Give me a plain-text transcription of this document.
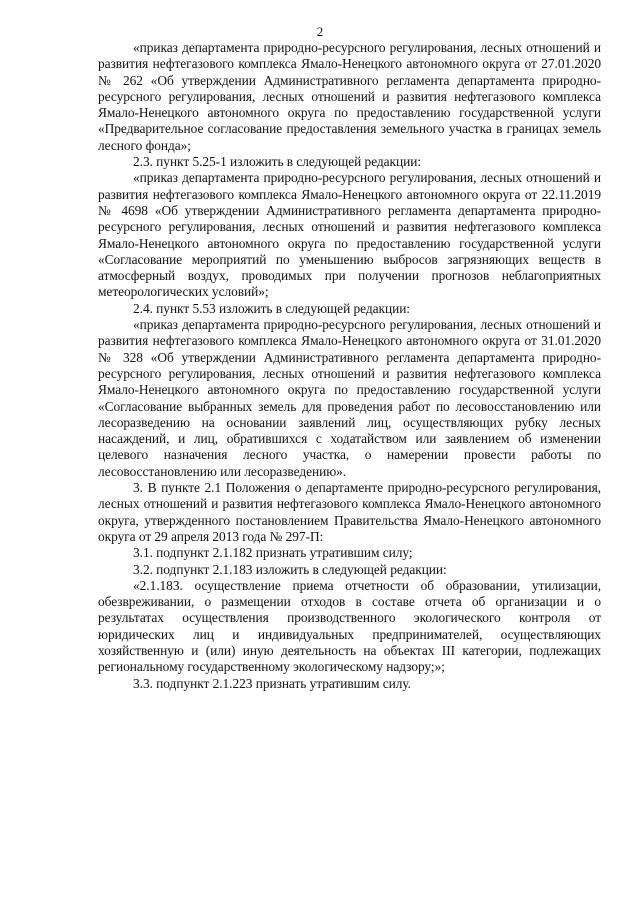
2

«приказ департамента природно-ресурсного регулирования, лесных отношений и развития нефтегазового комплекса Ямало-Ненецкого автономного округа от 27.01.2020 № 262 «Об утверждении Административного регламента департамента природно-ресурсного регулирования, лесных отношений и развития нефтегазового комплекса Ямало-Ненецкого автономного округа по предоставлению государственной услуги «Предварительное согласование предоставления земельного участка в границах земель лесного фонда»;

2.3. пункт 5.25-1 изложить в следующей редакции:

«приказ департамента природно-ресурсного регулирования, лесных отношений и развития нефтегазового комплекса Ямало-Ненецкого автономного округа от 22.11.2019 № 4698 «Об утверждении Административного регламента департамента природно-ресурсного регулирования, лесных отношений и развития нефтегазового комплекса Ямало-Ненецкого автономного округа по предоставлению государственной услуги «Согласование мероприятий по уменьшению выбросов загрязняющих веществ в атмосферный воздух, проводимых при получении прогнозов неблагоприятных метеорологических условий»;

2.4. пункт 5.53 изложить в следующей редакции:

«приказ департамента природно-ресурсного регулирования, лесных отношений и развития нефтегазового комплекса Ямало-Ненецкого автономного округа от 31.01.2020 № 328 «Об утверждении Административного регламента департамента природно-ресурсного регулирования, лесных отношений и развития нефтегазового комплекса Ямало-Ненецкого автономного округа по предоставлению государственной услуги «Согласование выбранных земель для проведения работ по лесовосстановлению или лесоразведению на основании заявлений лиц, осуществляющих рубку лесных насаждений, и лиц, обратившихся с ходатайством или заявлением об изменении целевого назначения лесного участка, о намерении провести работы по лесовосстановлению или лесоразведению».

3. В пункте 2.1 Положения о департаменте природно-ресурсного регулирования, лесных отношений и развития нефтегазового комплекса Ямало-Ненецкого автономного округа, утвержденного постановлением Правительства Ямало-Ненецкого автономного округа от 29 апреля 2013 года № 297-П:

3.1. подпункт 2.1.182 признать утратившим силу;

3.2. подпункт 2.1.183 изложить в следующей редакции:

«2.1.183. осуществление приема отчетности об образовании, утилизации, обезвреживании, о размещении отходов в составе отчета об организации и о результатах осуществления производственного экологического контроля от юридических лиц и индивидуальных предпринимателей, осуществляющих хозяйственную и (или) иную деятельность на объектах III категории, подлежащих региональному государственному экологическому надзору;»;

3.3. подпункт 2.1.223 признать утратившим силу.
